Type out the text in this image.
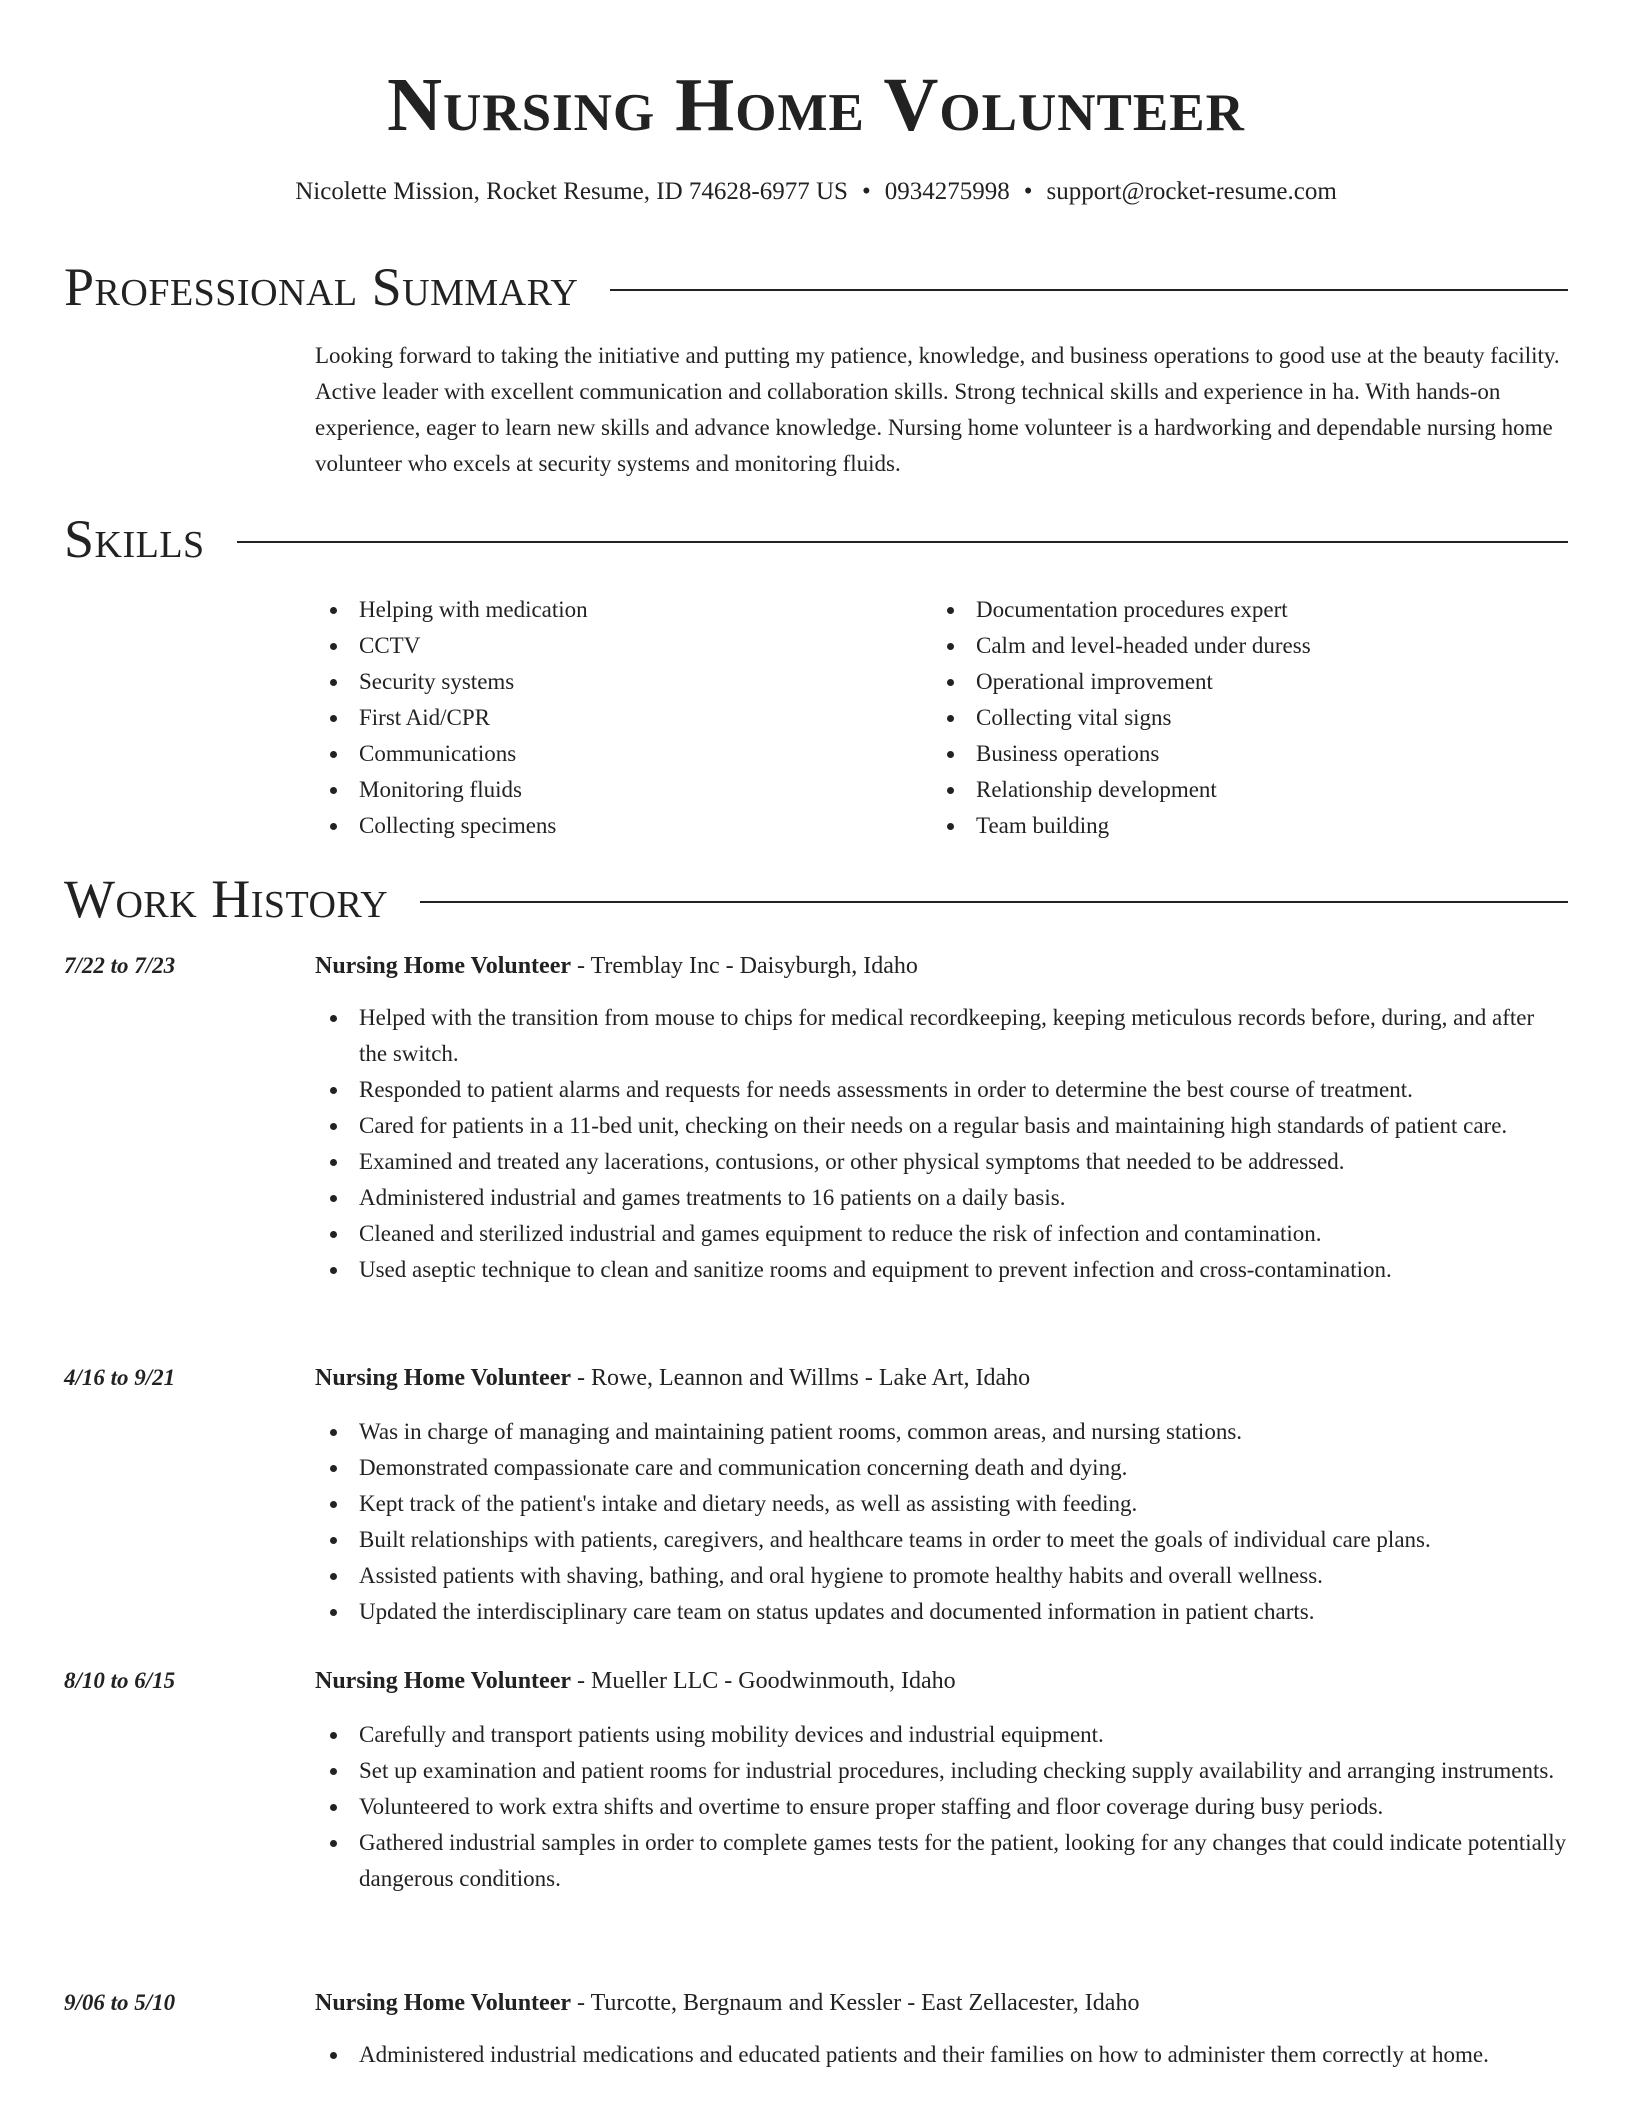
Nursing Home Volunteer
Nicolette Mission, Rocket Resume, ID 74628-6977 US • 0934275998 • support@rocket-resume.com
Professional Summary

Looking forward to taking the initiative and putting my patience, knowledge, and business operations to good use at the beauty facility. Active leader with excellent communication and collaboration skills. Strong technical skills and experience in ha. With hands-on experience, eager to learn new skills and advance knowledge. Nursing home volunteer is a hardworking and dependable nursing home volunteer who excels at security systems and monitoring fluids.

Skills
Helping with medication
CCTV
Security systems
First Aid/CPR
Communications
Monitoring fluids
Collecting specimens
Documentation procedures expert
Calm and level-headed under duress
Operational improvement
Collecting vital signs
Business operations
Relationship development
Team building
Work History
7/22 to 7/23	Nursing Home Volunteer - Tremblay Inc - Daisyburgh, Idaho
Helped with the transition from mouse to chips for medical recordkeeping, keeping meticulous records before, during, and after the switch.
Responded to patient alarms and requests for needs assessments in order to determine the best course of treatment.
Cared for patients in a 11-bed unit, checking on their needs on a regular basis and maintaining high standards of patient care.
Examined and treated any lacerations, contusions, or other physical symptoms that needed to be addressed.
Administered industrial and games treatments to 16 patients on a daily basis.
Cleaned and sterilized industrial and games equipment to reduce the risk of infection and contamination.
Used aseptic technique to clean and sanitize rooms and equipment to prevent infection and cross-contamination.
4/16 to 9/21	Nursing Home Volunteer - Rowe, Leannon and Willms - Lake Art, Idaho
Was in charge of managing and maintaining patient rooms, common areas, and nursing stations.
Demonstrated compassionate care and communication concerning death and dying.
Kept track of the patient's intake and dietary needs, as well as assisting with feeding.
Built relationships with patients, caregivers, and healthcare teams in order to meet the goals of individual care plans.
Assisted patients with shaving, bathing, and oral hygiene to promote healthy habits and overall wellness.
Updated the interdisciplinary care team on status updates and documented information in patient charts.
8/10 to 6/15	Nursing Home Volunteer - Mueller LLC - Goodwinmouth, Idaho
Carefully and transport patients using mobility devices and industrial equipment.
Set up examination and patient rooms for industrial procedures, including checking supply availability and arranging instruments.
Volunteered to work extra shifts and overtime to ensure proper staffing and floor coverage during busy periods.
Gathered industrial samples in order to complete games tests for the patient, looking for any changes that could indicate potentially dangerous conditions.
9/06 to 5/10	Nursing Home Volunteer - Turcotte, Bergnaum and Kessler - East Zellacester, Idaho
Administered industrial medications and educated patients and their families on how to administer them correctly at home.
